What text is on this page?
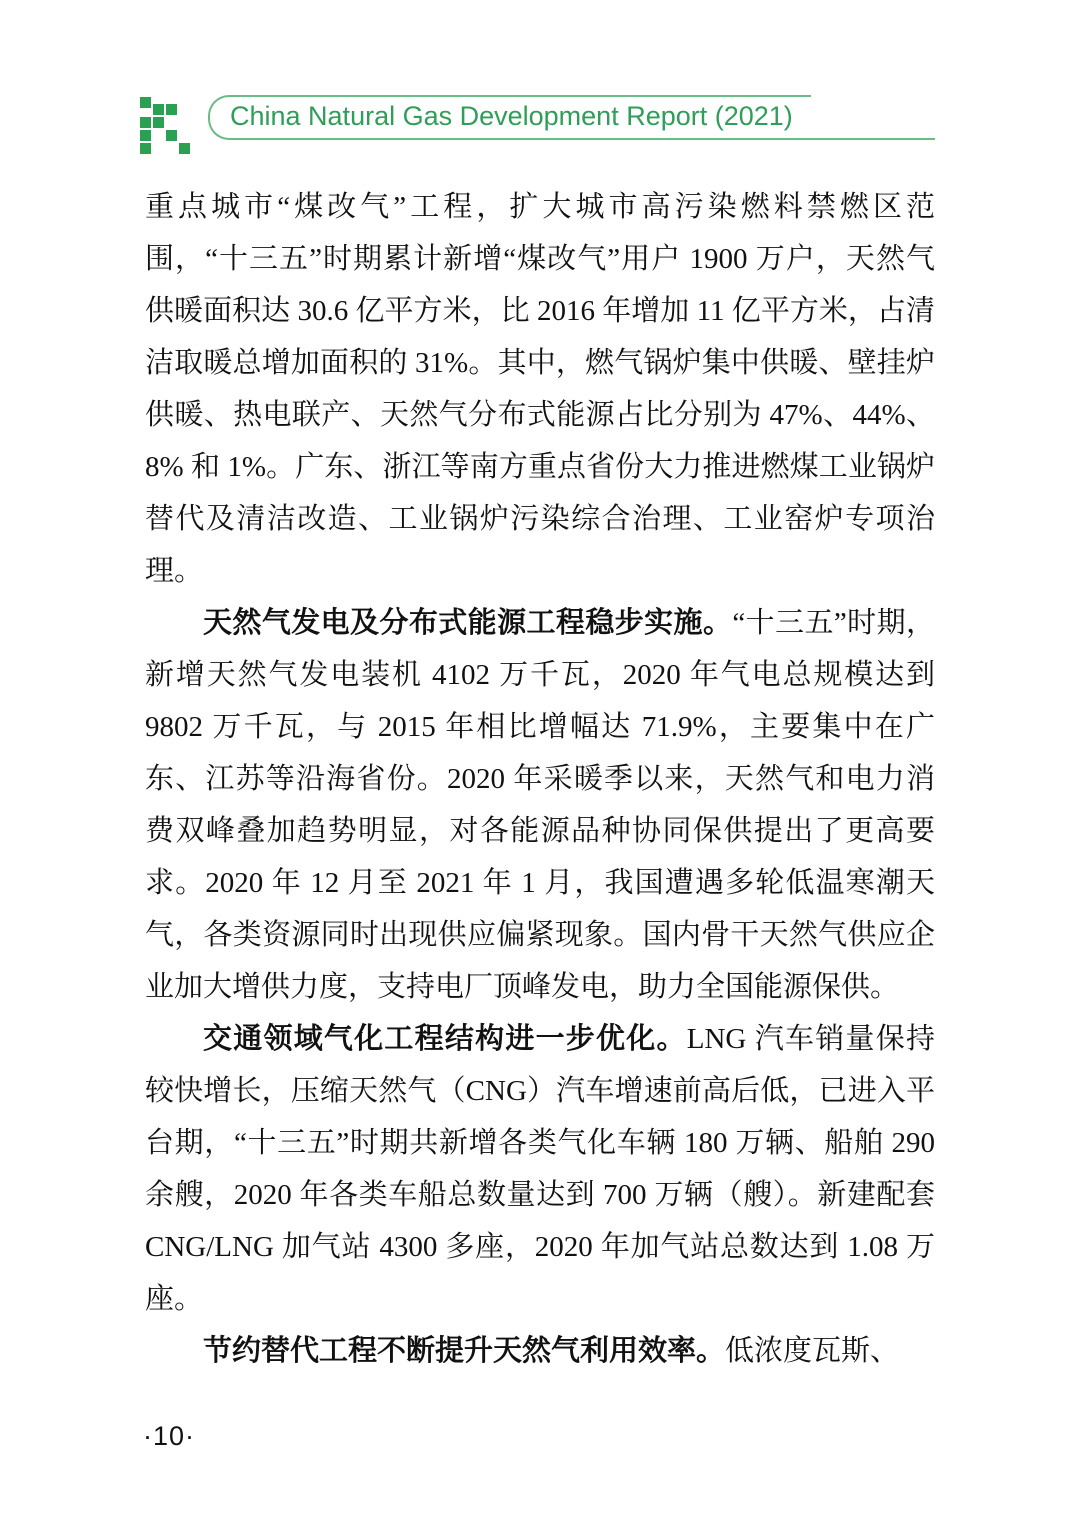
China Natural Gas Development Report (2021)

重点城市“煤改气”工程，扩大城市高污染燃料禁燃区范围，“十三五”时期累计新增“煤改气”用户 1900 万户，天然气供暖面积达 30.6 亿平方米，比 2016 年增加 11 亿平方米，占清洁取暖总增加面积的 31%。其中，燃气锅炉集中供暖、壁挂炉供暖、热电联产、天然气分布式能源占比分别为 47%、44%、8% 和 1%。广东、浙江等南方重点省份大力推进燃煤工业锅炉替代及清洁改造、工业锅炉污染综合治理、工业窑炉专项治理。

天然气发电及分布式能源工程稳步实施。“十三五”时期，新增天然气发电装机 4102 万千瓦，2020 年气电总规模达到 9802 万千瓦，与 2015 年相比增幅达 71.9%，主要集中在广东、江苏等沿海省份。2020 年采暖季以来，天然气和电力消费双峰叠加趋势明显，对各能源品种协同保供提出了更高要求。2020 年 12 月至 2021 年 1 月，我国遭遇多轮低温寒潮天气，各类资源同时出现供应偏紧现象。国内骨干天然气供应企业加大增供力度，支持电厂顶峰发电，助力全国能源保供。

交通领域气化工程结构进一步优化。LNG 汽车销量保持较快增长，压缩天然气（CNG）汽车增速前高后低，已进入平台期，“十三五”时期共新增各类气化车辆 180 万辆、船舶 290 余艘，2020 年各类车船总数量达到 700 万辆（艘）。新建配套 CNG/LNG 加气站 4300 多座，2020 年加气站总数达到 1.08 万座。

节约替代工程不断提升天然气利用效率。低浓度瓦斯、

·10·
